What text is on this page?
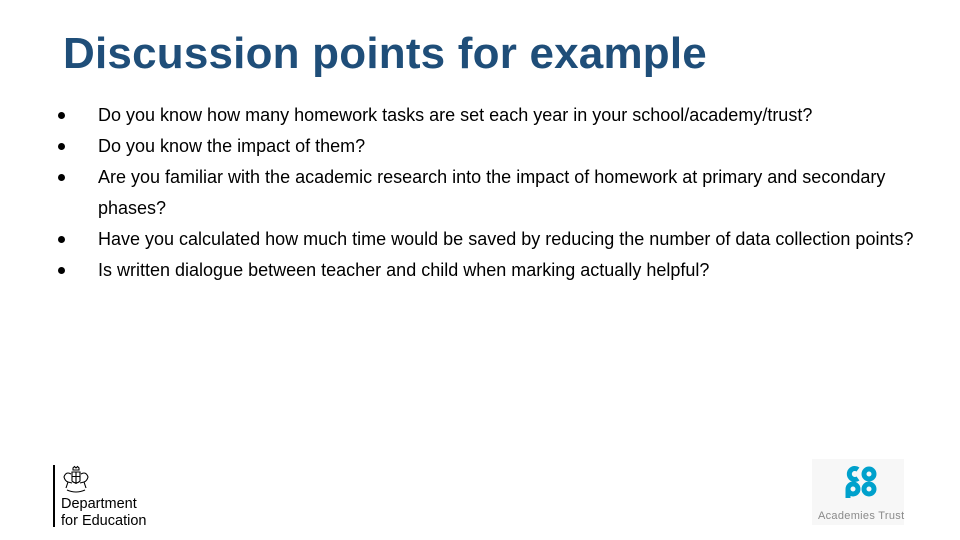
Discussion points for example
Do you know how many homework tasks are set each year in your school/academy/trust?
Do you know the impact of them?
Are you familiar with the academic research into the impact of homework at primary and secondary phases?
Have you calculated how much time would be saved by reducing the number of data collection points?
Is written dialogue between teacher and child when marking actually helpful?
Department
for Education	Academies Trust
